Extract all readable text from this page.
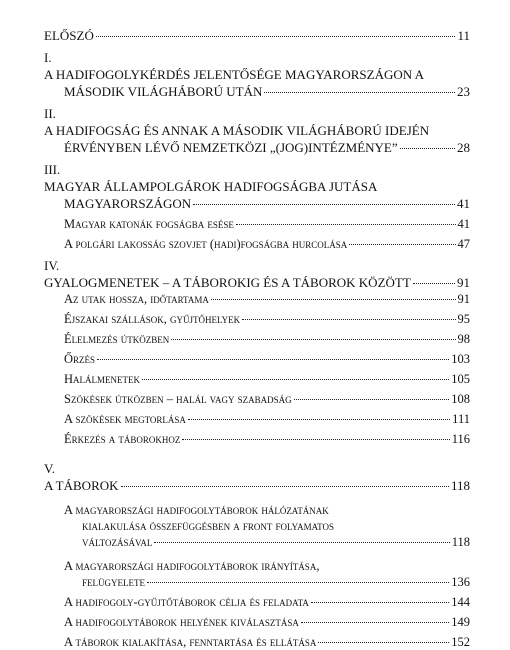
ELŐSZÓ	11
I.
A HADIFOGOLYKÉRDÉS JELENTŐSÉGE MAGYARORSZÁGON A
MÁSODIK VILÁGHÁBORÚ UTÁN	23
II.
A HADIFOGSÁG ÉS ANNAK A MÁSODIK VILÁGHÁBORÚ IDEJÉN
ÉRVÉNYBEN LÉVŐ NEMZETKÖZI „(JOG)INTÉZMÉNYE”	28
III.
MAGYAR ÁLLAMPOLGÁROK HADIFOGSÁGBA JUTÁSA
MAGYARORSZÁGON	41
Magyar katonák fogságba esése	41
A polgári lakosság szovjet (hadi)fogságba hurcolása	47
IV.
GYALOGMENETEK – A TÁBOROKIG ÉS A TÁBOROK KÖZÖTT	91
Az utak hossza, időtartama	91
Éjszakai szállások, gyűjtőhelyek	95
Élelmezés útközben	98
Őrzés	103
Halálmenetek	105
Szökések útközben – halál vagy szabadság	108
A szökések megtorlása	111
Érkezés a táborokhoz	116
V.
A TÁBOROK	118
A magyarországi hadifogolytáborok hálózatának
kialakulása összefüggésben a front folyamatos
változásával	118
A magyarországi hadifogolytáborok irányítása,
felügyelete	136
A hadifogoly-gyűjtőtáborok célja és feladata	144
A hadifogolytáborok helyének kiválasztása	149
A táborok kialakítása, fenntartása és ellátása	152
